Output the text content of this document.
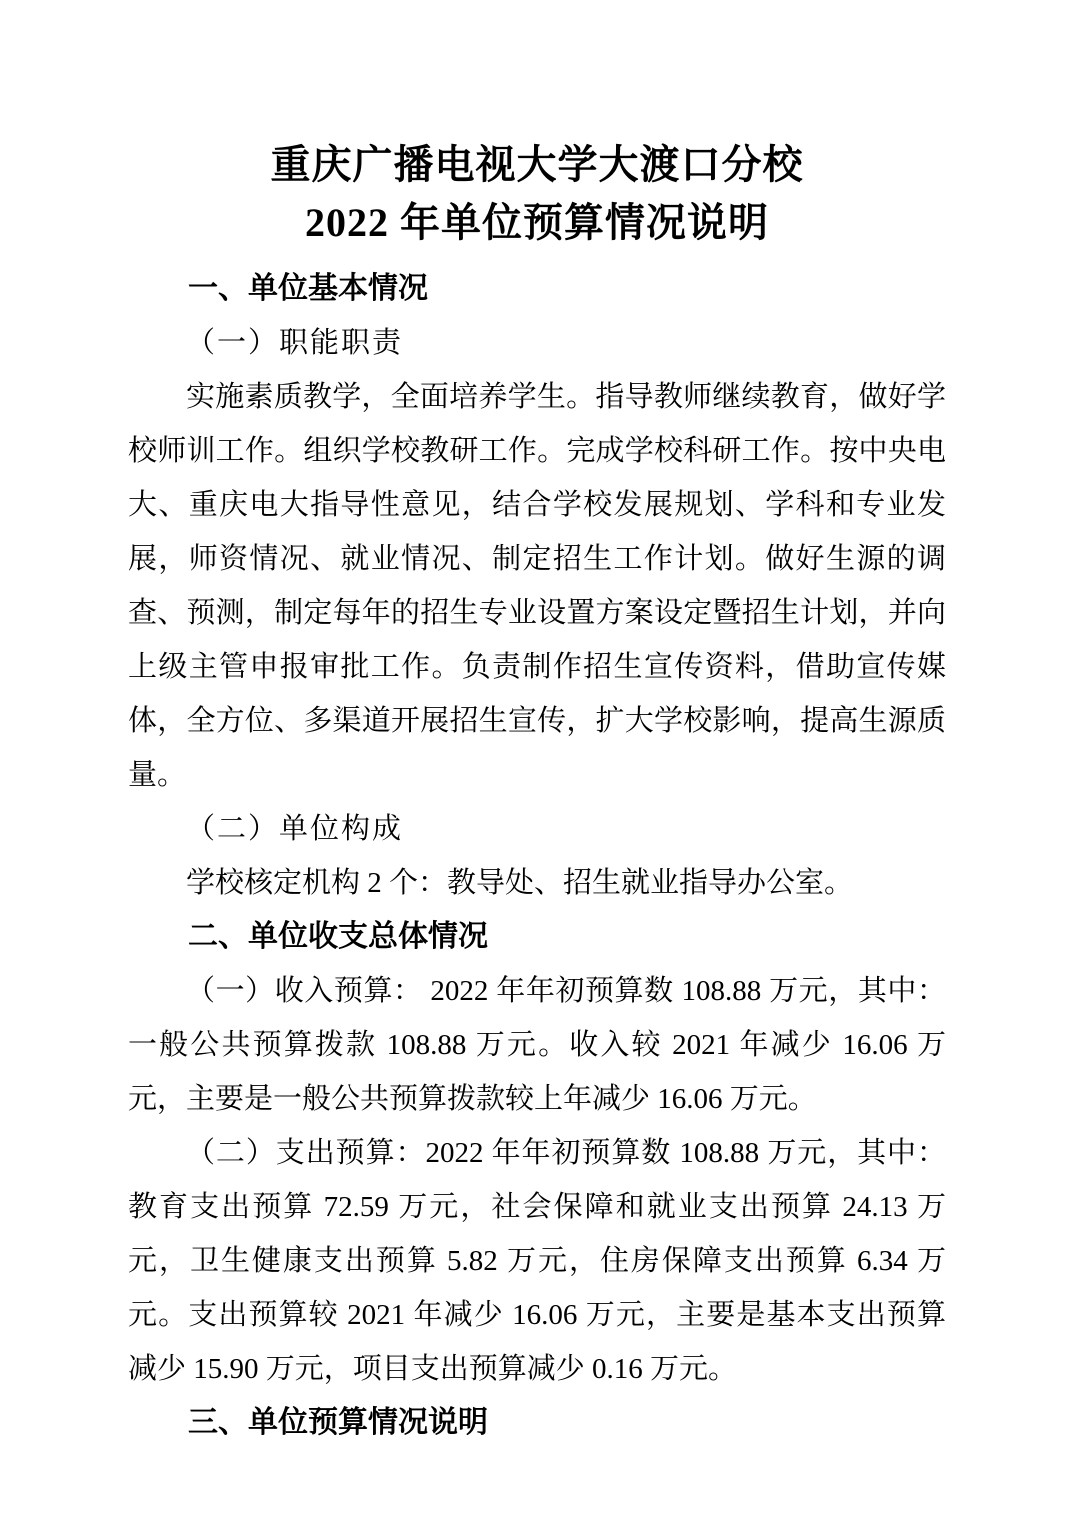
重庆广播电视大学大渡口分校
2022 年单位预算情况说明
一、单位基本情况

（一）职能职责

实施素质教学，全面培养学生。指导教师继续教育，做好学校师训工作。组织学校教研工作。完成学校科研工作。按中央电大、重庆电大指导性意见，结合学校发展规划、学科和专业发展，师资情况、就业情况、制定招生工作计划。做好生源的调查、预测，制定每年的招生专业设置方案设定暨招生计划，并向上级主管申报审批工作。负责制作招生宣传资料，借助宣传媒体，全方位、多渠道开展招生宣传，扩大学校影响，提高生源质量。

（二）单位构成

学校核定机构 2 个：教导处、招生就业指导办公室。

二、单位收支总体情况

（一）收入预算： 2022 年年初预算数 108.88 万元，其中：一般公共预算拨款 108.88 万元。收入较 2021 年减少 16.06 万元，主要是一般公共预算拨款较上年减少 16.06 万元。

（二）支出预算：2022 年年初预算数 108.88 万元，其中：教育支出预算 72.59 万元，社会保障和就业支出预算 24.13 万元，卫生健康支出预算 5.82 万元，住房保障支出预算 6.34 万元。支出预算较 2021 年减少 16.06 万元，主要是基本支出预算减少 15.90 万元，项目支出预算减少 0.16 万元。

三、单位预算情况说明
